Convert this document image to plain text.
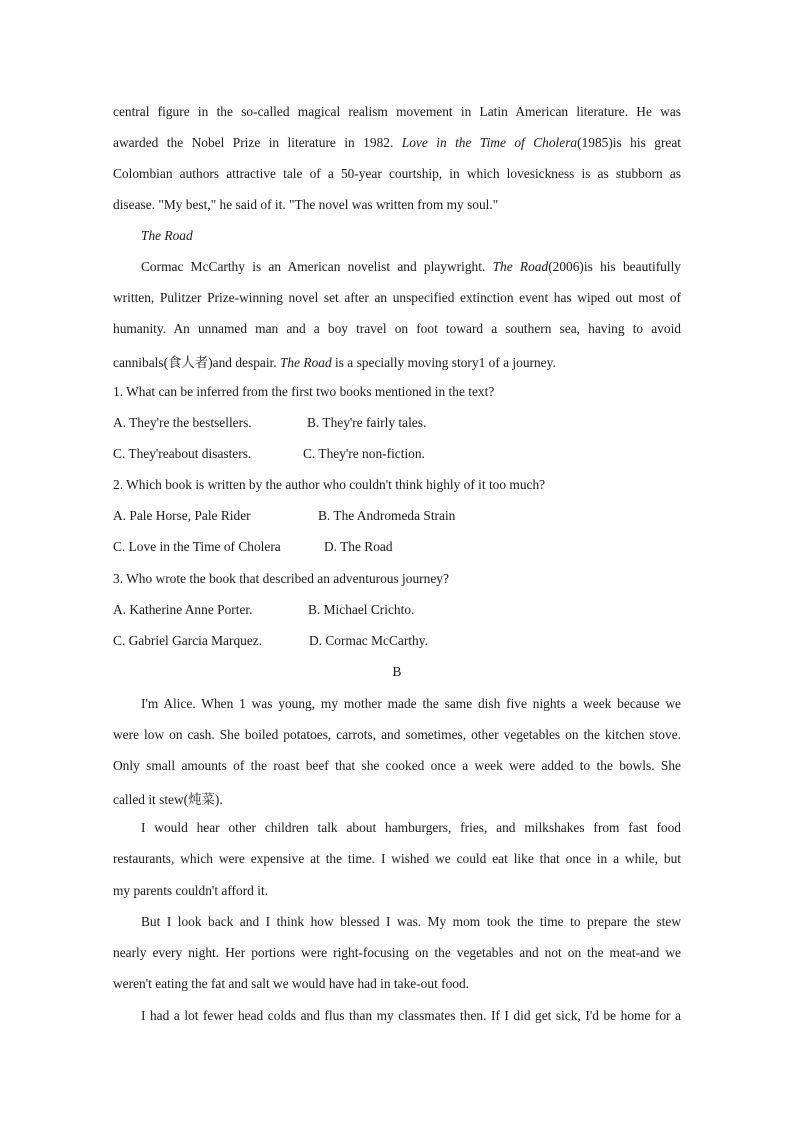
central figure in the so-called magical realism movement in Latin American literature. He was
awarded the Nobel Prize in literature in 1982. Love in the Time of Cholera(1985)is his great
Colombian authors attractive tale of a 50-year courtship, in which lovesickness is as stubborn as
disease. "My best," he said of it. "The novel was written from my soul."
The Road
Cormac McCarthy is an American novelist and playwright. The Road(2006)is his beautifully
written, Pulitzer Prize-winning novel set after an unspecified extinction event has wiped out most of
humanity. An unnamed man and a boy travel on foot toward a southern sea, having to avoid
cannibals(食人者)and despair. The Road is a specially moving story1 of a journey.
1. What can be inferred from the first two books mentioned in the text?
A. They're the bestsellers.	B. They're fairly tales.
C. They'reabout disasters.	C. They're non-fiction.
2. Which book is written by the author who couldn't think highly of it too much?
A. Pale Horse, Pale Rider	B. The Andromeda Strain
C. Love in the Time of Cholera	D. The Road
3. Who wrote the book that described an adventurous journey?
A. Katherine Anne Porter.	B. Michael Crichto.
C. Gabriel Garcia Marquez.	D. Cormac McCarthy.
B
I'm Alice. When 1 was young, my mother made the same dish five nights a week because we
were low on cash. She boiled potatoes, carrots, and sometimes, other vegetables on the kitchen stove.
Only small amounts of the roast beef that she cooked once a week were added to the bowls. She
called it stew(炖菜).
I would hear other children talk about hamburgers, fries, and milkshakes from fast food
restaurants, which were expensive at the time. I wished we could eat like that once in a while, but
my parents couldn't afford it.
But I look back and I think how blessed I was. My mom took the time to prepare the stew
nearly every night. Her portions were right-focusing on the vegetables and not on the meat-and we
weren't eating the fat and salt we would have had in take-out food.
I had a lot fewer head colds and flus than my classmates then. If I did get sick, I'd be home for a
